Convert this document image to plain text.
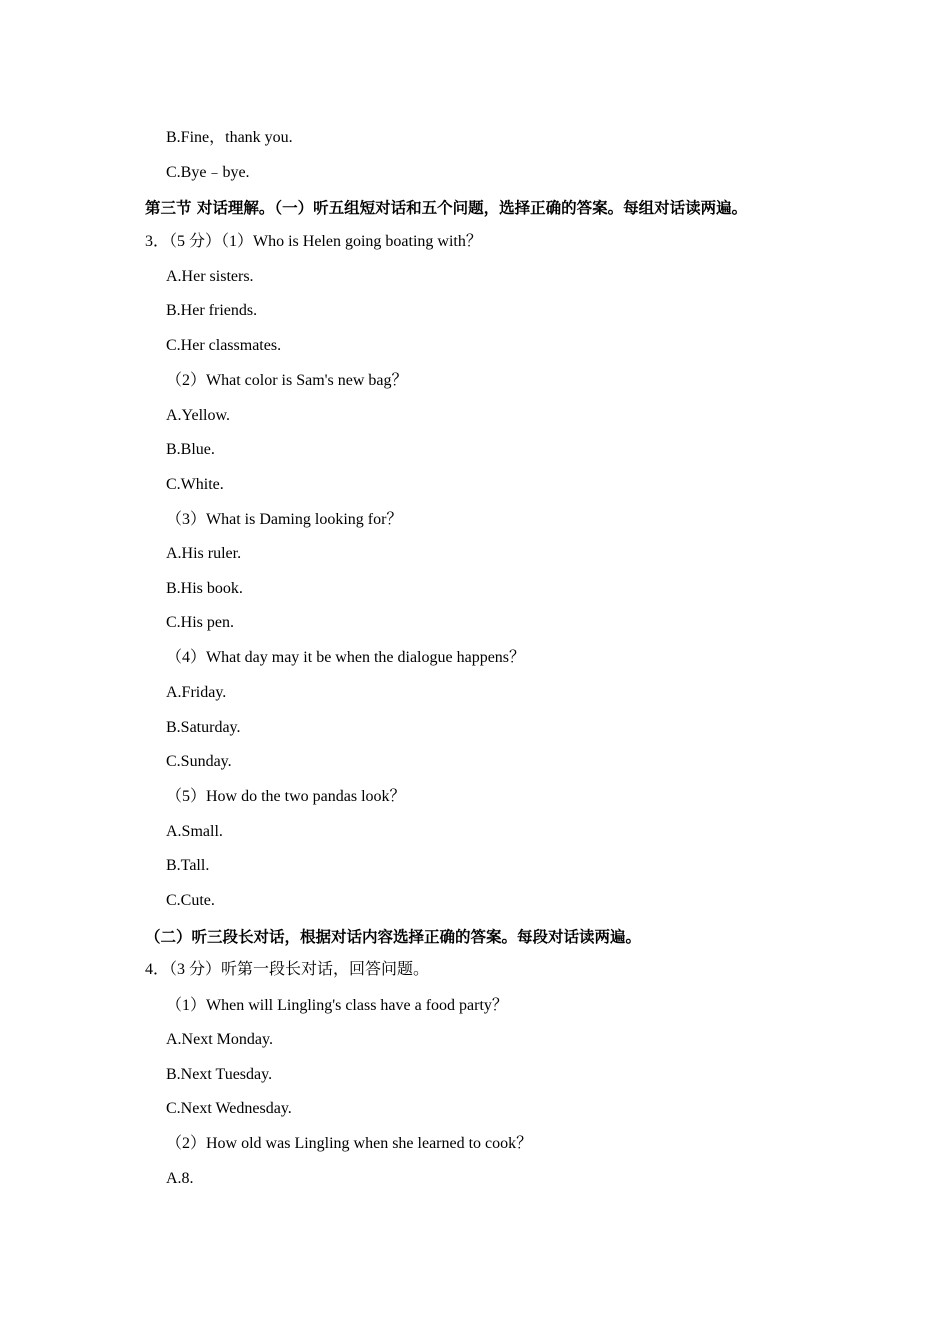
B.Fine，thank you.
C.Bye﹣bye.
第三节 对话理解。（一）听五组短对话和五个问题，选择正确的答案。每组对话读两遍。
3．（5 分）（1）Who is Helen going boating with？
A.Her sisters.
B.Her friends.
C.Her classmates.
（2）What color is Sam's new bag？
A.Yellow.
B.Blue.
C.White.
（3）What is Daming looking for？
A.His ruler.
B.His book.
C.His pen.
（4）What day may it be when the dialogue happens？
A.Friday.
B.Saturday.
C.Sunday.
（5）How do the two pandas look？
A.Small.
B.Tall.
C.Cute.
（二）听三段长对话，根据对话内容选择正确的答案。每段对话读两遍。
4．（3 分）听第一段长对话，回答问题。
（1）When will Lingling's class have a food party？
A.Next Monday.
B.Next Tuesday.
C.Next Wednesday.
（2）How old was Lingling when she learned to cook？
A.8.
